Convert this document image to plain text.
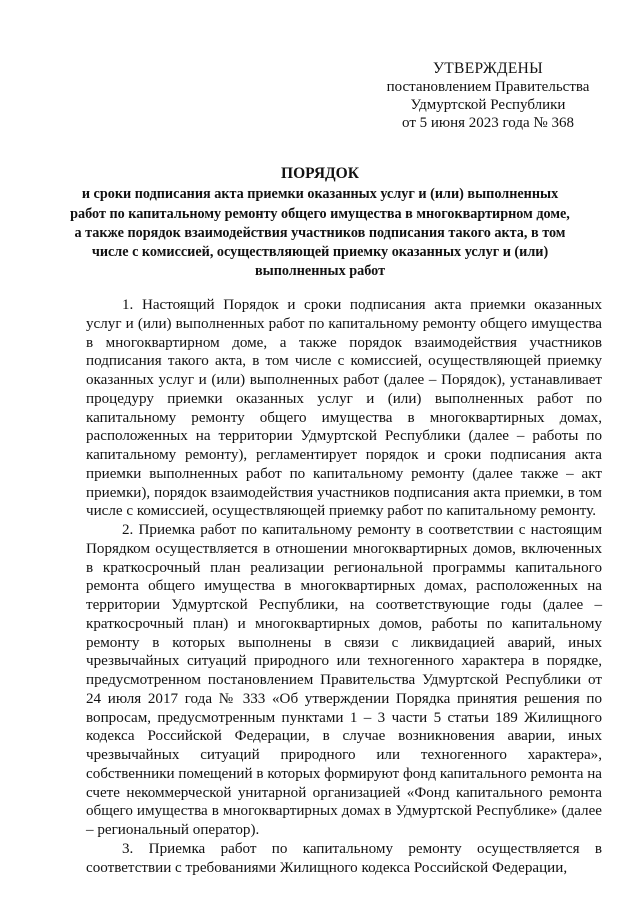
УТВЕРЖДЕНЫ
постановлением Правительства
Удмуртской Республики
от 5 июня 2023 года № 368
ПОРЯДОК
и сроки подписания акта приемки оказанных услуг и (или) выполненных работ по капитальному ремонту общего имущества в многоквартирном доме, а также порядок взаимодействия участников подписания такого акта, в том числе с комиссией, осуществляющей приемку оказанных услуг и (или) выполненных работ

1. Настоящий Порядок и сроки подписания акта приемки оказанных услуг и (или) выполненных работ по капитальному ремонту общего имущества в многоквартирном доме, а также порядок взаимодействия участников подписания такого акта, в том числе с комиссией, осуществляющей приемку оказанных услуг и (или) выполненных работ (далее – Порядок), устанавливает процедуру приемки оказанных услуг и (или) выполненных работ по капитальному ремонту общего имущества в многоквартирных домах, расположенных на территории Удмуртской Республики (далее – работы по капитальному ремонту), регламентирует порядок и сроки подписания акта приемки выполненных работ по капитальному ремонту (далее также – акт приемки), порядок взаимодействия участников подписания акта приемки, в том числе с комиссией, осуществляющей приемку работ по капитальному ремонту.

2. Приемка работ по капитальному ремонту в соответствии с настоящим Порядком осуществляется в отношении многоквартирных домов, включенных в краткосрочный план реализации региональной программы капитального ремонта общего имущества в многоквартирных домах, расположенных на территории Удмуртской Республики, на соответствующие годы (далее – краткосрочный план) и многоквартирных домов, работы по капитальному ремонту в которых выполнены в связи с ликвидацией аварий, иных чрезвычайных ситуаций природного или техногенного характера в порядке, предусмотренном постановлением Правительства Удмуртской Республики от 24 июля 2017 года № 333 «Об утверждении Порядка принятия решения по вопросам, предусмотренным пунктами 1 – 3 части 5 статьи 189 Жилищного кодекса Российской Федерации, в случае возникновения аварии, иных чрезвычайных ситуаций природного или техногенного характера», собственники помещений в которых формируют фонд капитального ремонта на счете некоммерческой унитарной организацией «Фонд капитального ремонта общего имущества в многоквартирных домах в Удмуртской Республике» (далее – региональный оператор).

3. Приемка работ по капитальному ремонту осуществляется в соответствии с требованиями Жилищного кодекса Российской Федерации,
